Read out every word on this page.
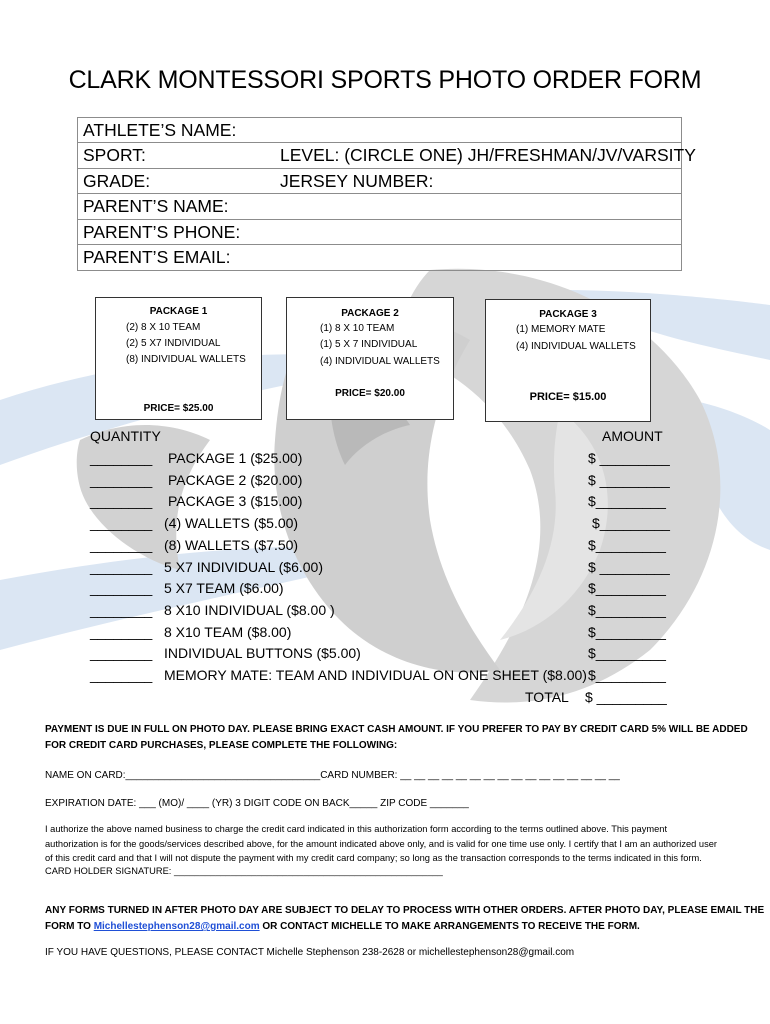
CLARK MONTESSORI SPORTS PHOTO ORDER FORM
ATHLETE’S NAME:
SPORT:	LEVEL: (CIRCLE ONE) JH/FRESHMAN/JV/VARSITY
GRADE:	JERSEY NUMBER:
PARENT’S NAME:
PARENT’S PHONE:
PARENT’S EMAIL:
PACKAGE 1
(2) 8 X 10 TEAM
(2) 5 X7 INDIVIDUAL
(8) INDIVIDUAL WALLETS
PRICE= $25.00
PACKAGE 2
(1) 8 X 10 TEAM
(1) 5 X 7 INDIVIDUAL
(4) INDIVIDUAL WALLETS
PRICE= $20.00
PACKAGE 3
(1) MEMORY MATE
(4) INDIVIDUAL WALLETS
PRICE= $15.00
QUANTITY	AMOUNT
________ PACKAGE 1 ($25.00)	$ _________
________ PACKAGE 2 ($20.00)	$ _________
________ PACKAGE 3 ($15.00)	$_________
________ (4) WALLETS ($5.00)	$_________
________ (8) WALLETS ($7.50)	$_________
________ 5 X7 INDIVIDUAL ($6.00)	$ _________
________ 5 X7 TEAM ($6.00)	$_________
________ 8 X10 INDIVIDUAL ($8.00 )	$_________
________ 8 X10 TEAM ($8.00)	$_________
________ INDIVIDUAL BUTTONS ($5.00)	$_________
________ MEMORY MATE: TEAM AND INDIVIDUAL ON ONE SHEET ($8.00) $_________
TOTAL $ _________
PAYMENT IS DUE IN FULL ON PHOTO DAY. PLEASE BRING EXACT CASH AMOUNT. IF YOU PREFER TO PAY BY CREDIT CARD 5% WILL BE ADDED
FOR CREDIT CARD PURCHASES, PLEASE COMPLETE THE FOLLOWING:
NAME ON CARD:___________________________________CARD NUMBER: __ __ __ __ __ __ __ __ __ __ __ __ __ __ __ __
EXPIRATION DATE: ___ (MO)/ ____ (YR) 3 DIGIT CODE ON BACK_____ ZIP CODE _______
I authorize the above named business to charge the credit card indicated in this authorization form according to the terms outlined above. This payment
authorization is for the goods/services described above, for the amount indicated above only, and is valid for one time use only. I certify that I am an authorized user
of this credit card and that I will not dispute the payment with my credit card company; so long as the transaction corresponds to the terms indicated in this form.
CARD HOLDER SIGNATURE: ____________________________________________________
ANY FORMS TURNED IN AFTER PHOTO DAY ARE SUBJECT TO DELAY TO PROCESS WITH OTHER ORDERS. AFTER PHOTO DAY, PLEASE EMAIL THE
FORM TO Michellestephenson28@gmail.com OR CONTACT MICHELLE TO MAKE ARRANGEMENTS TO RECEIVE THE FORM.
IF YOU HAVE QUESTIONS, PLEASE CONTACT Michelle Stephenson 238-2628 or michellestephenson28@gmail.com
